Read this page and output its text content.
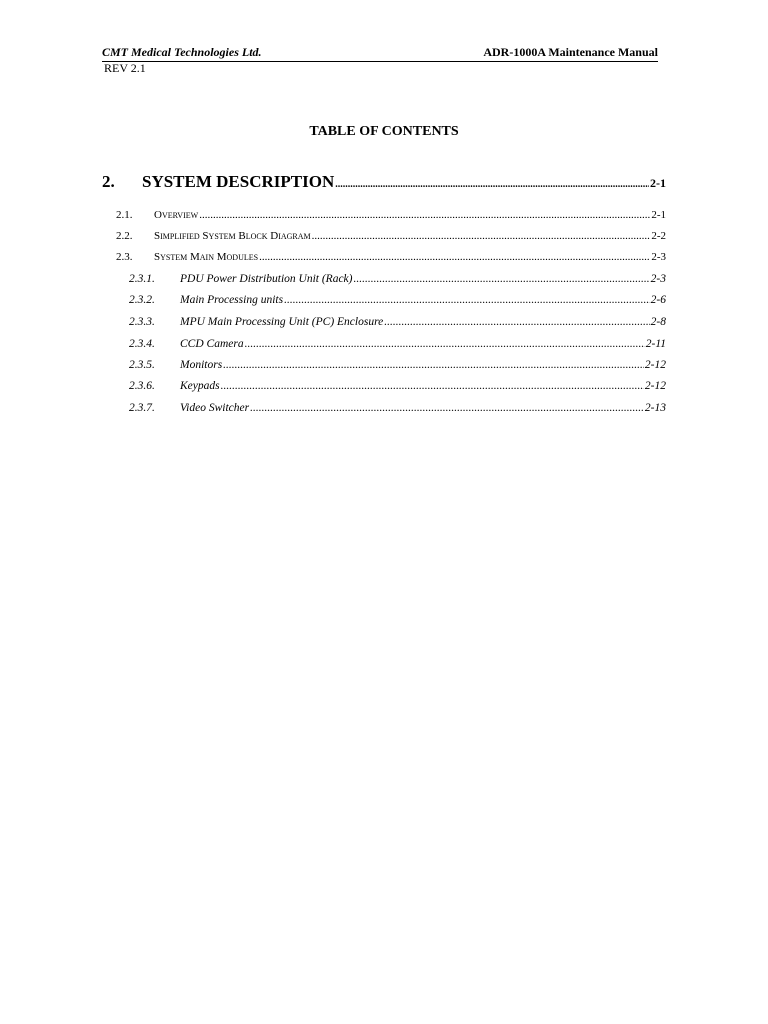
CMT Medical Technologies Ltd.	ADR-1000A Maintenance Manual
REV 2.1
TABLE OF CONTENTS
2.	SYSTEM DESCRIPTION .....	2-1
2.1.	Overview .....	2-1
2.2.	Simplified System Block Diagram .....	2-2
2.3.	System Main Modules .....	2-3
2.3.1.	PDU Power Distribution Unit (Rack) .....	2-3
2.3.2.	Main Processing units .....	2-6
2.3.3.	MPU Main Processing Unit (PC) Enclosure .....	2-8
2.3.4.	CCD Camera .....	2-11
2.3.5.	Monitors .....	2-12
2.3.6.	Keypads .....	2-12
2.3.7.	Video Switcher .....	2-13
